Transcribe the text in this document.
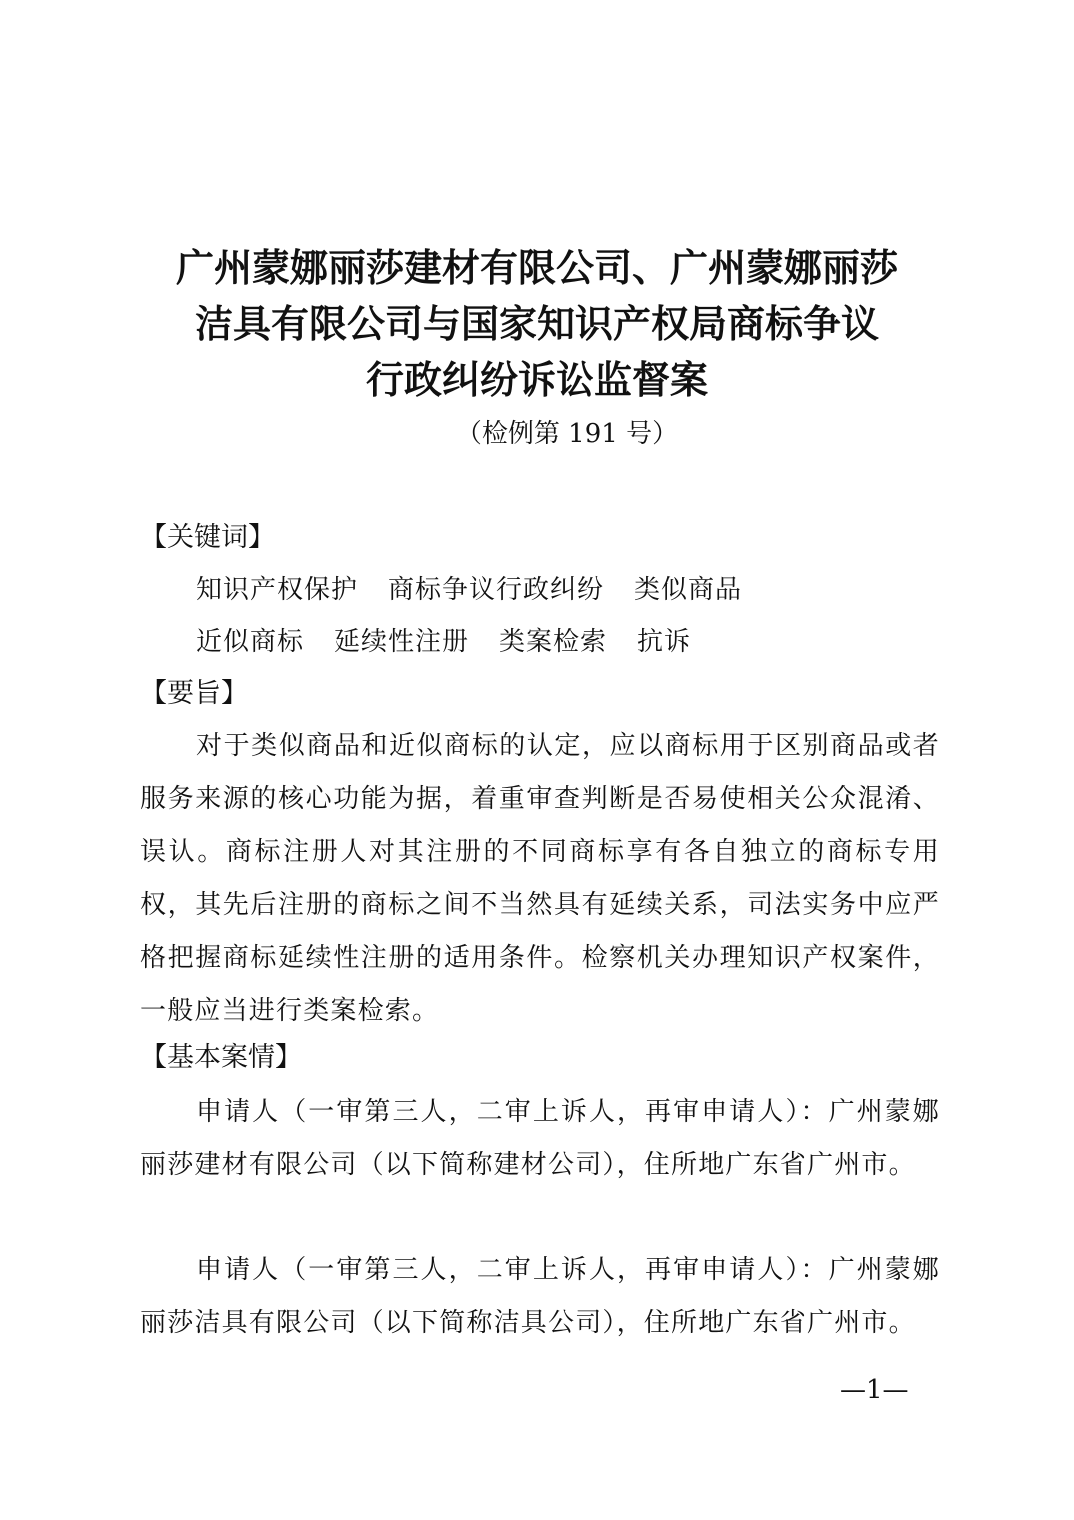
广州蒙娜丽莎建材有限公司、广州蒙娜丽莎
洁具有限公司与国家知识产权局商标争议
行政纠纷诉讼监督案
（检例第 191 号）
【关键词】
知识产权保护 商标争议行政纠纷 类似商品
近似商标 延续性注册 类案检索 抗诉
【要旨】
对于类似商品和近似商标的认定，应以商标用于区别商品或者服务来源的核心功能为据，着重审查判断是否易使相关公众混淆、误认。商标注册人对其注册的不同商标享有各自独立的商标专用权，其先后注册的商标之间不当然具有延续关系，司法实务中应严格把握商标延续性注册的适用条件。检察机关办理知识产权案件，一般应当进行类案检索。
【基本案情】
申请人（一审第三人，二审上诉人，再审申请人）：广州蒙娜丽莎建材有限公司（以下简称建材公司），住所地广东省广州市。
申请人（一审第三人，二审上诉人，再审申请人）：广州蒙娜丽莎洁具有限公司（以下简称洁具公司），住所地广东省广州市。
—1—
